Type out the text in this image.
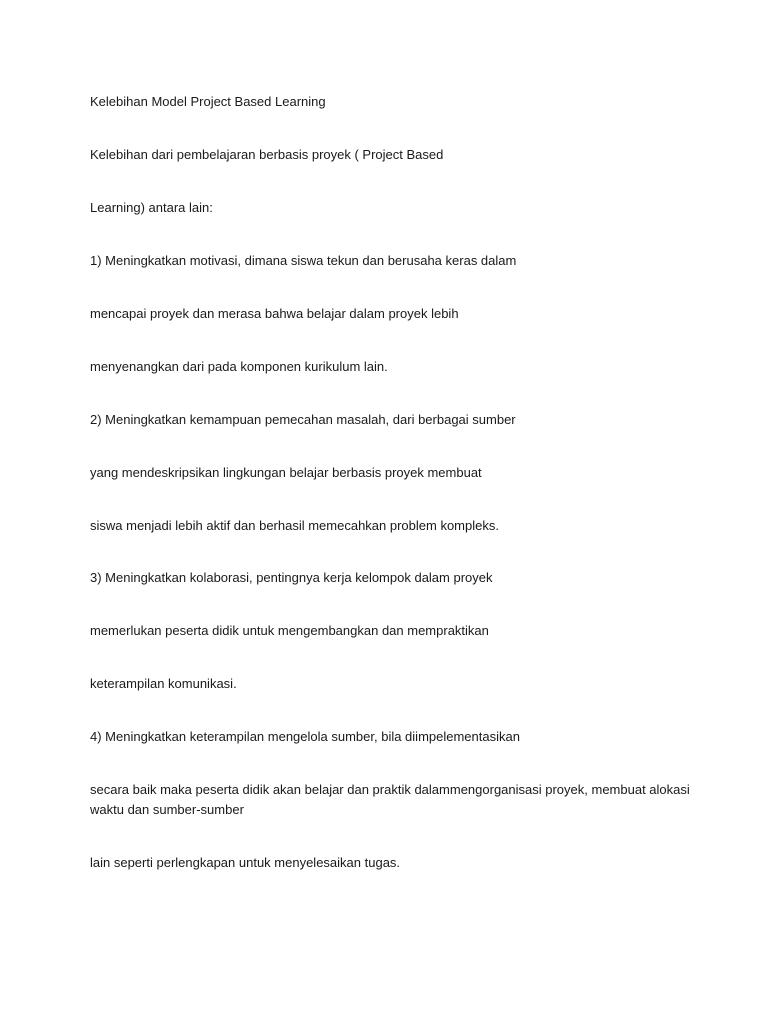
Kelebihan Model Project Based Learning
Kelebihan dari pembelajaran berbasis proyek ( Project Based
Learning) antara lain:
1) Meningkatkan motivasi, dimana siswa tekun dan berusaha keras dalam
mencapai proyek dan merasa bahwa belajar dalam proyek lebih
menyenangkan dari pada komponen kurikulum lain.
2) Meningkatkan kemampuan pemecahan masalah, dari berbagai sumber
yang mendeskripsikan lingkungan belajar berbasis proyek membuat
siswa menjadi lebih aktif dan berhasil memecahkan problem kompleks.
3) Meningkatkan kolaborasi, pentingnya kerja kelompok dalam proyek
memerlukan peserta didik untuk mengembangkan dan mempraktikan
keterampilan komunikasi.
4) Meningkatkan keterampilan mengelola sumber, bila diimpelementasikan
secara baik maka peserta didik akan belajar dan praktik dalammengorganisasi proyek, membuat alokasi waktu dan sumber-sumber
lain seperti perlengkapan untuk menyelesaikan tugas.
